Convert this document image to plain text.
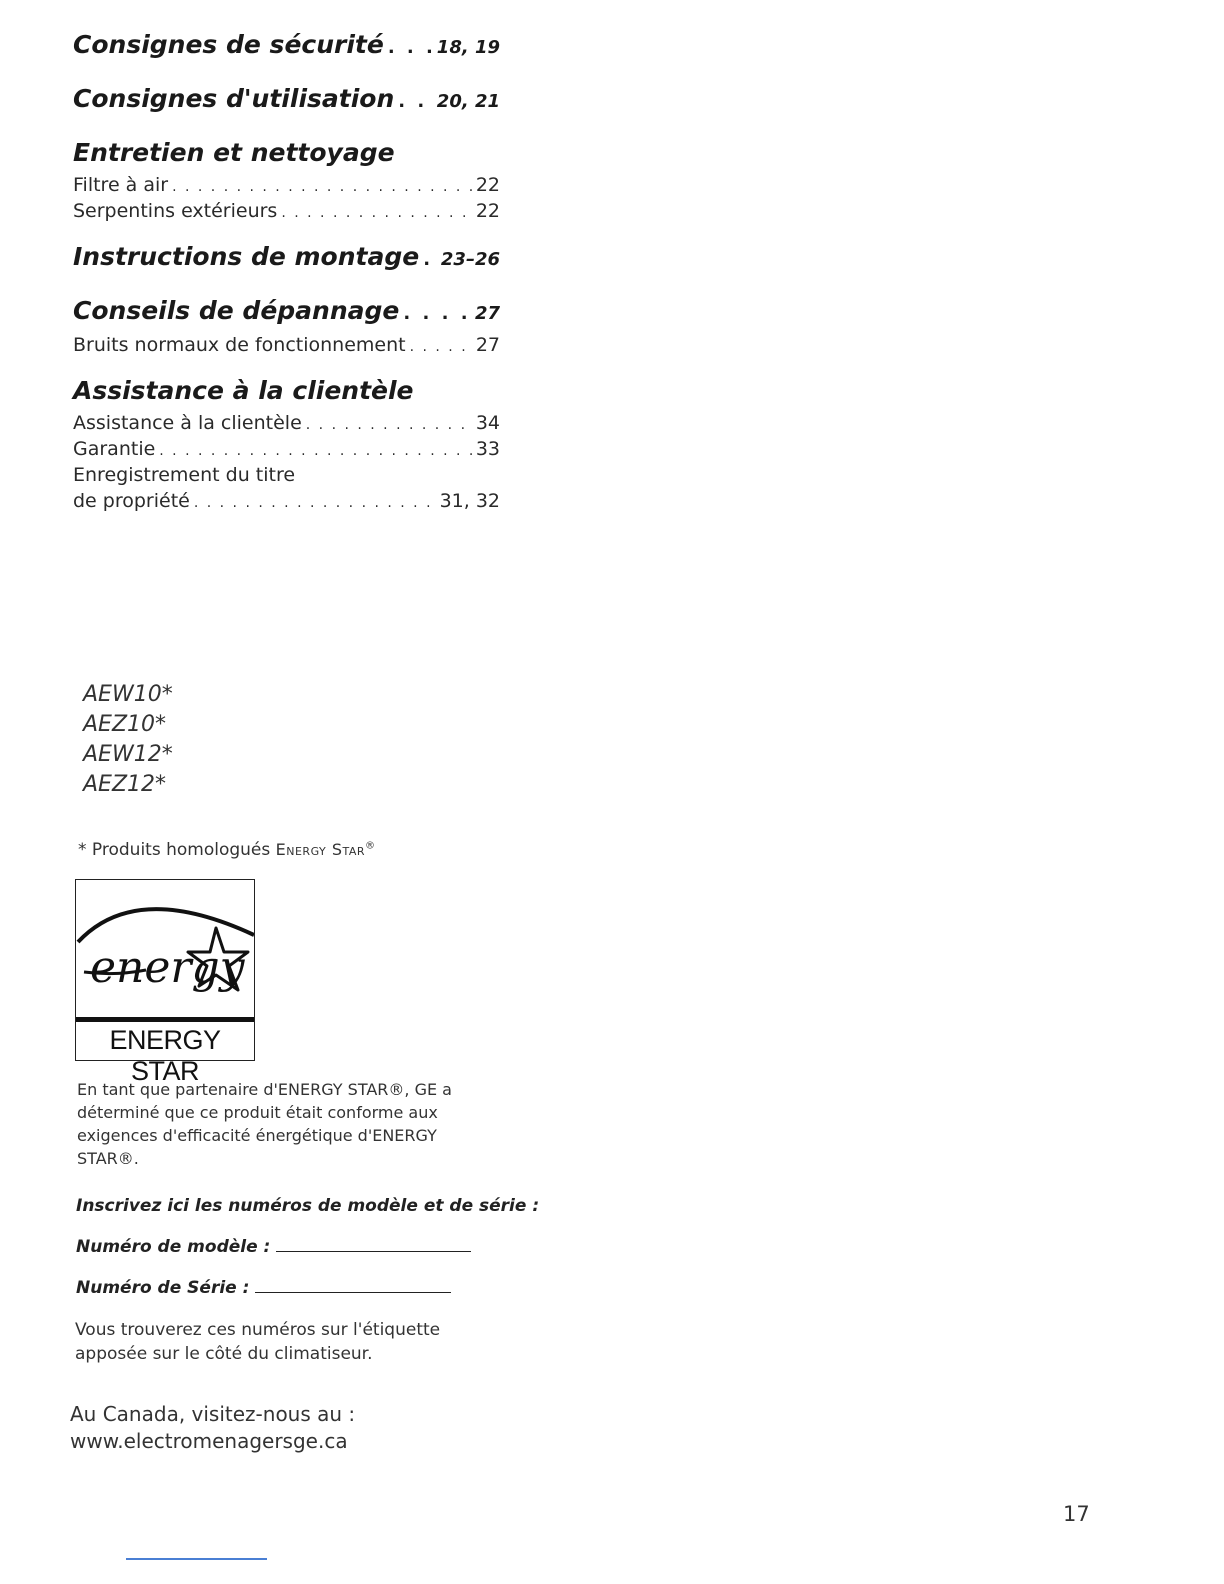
Consignes de sécurité . . .	18, 19
Consignes d'utilisation . . . 20, 21
Entretien et nettoyage
Filtre à air . . .	22
Serpentins extérieurs . . .	22
Instructions de montage . . . 23–26
Conseils de dépannage . . .	27
Bruits normaux de fonctionnement . . .	27
Assistance à la clientèle
Assistance à la clientèle . . .	34
Garantie . . .	33
Enregistrement du titre
de propriété . . .	31, 32
AEW10*
AEZ10*
AEW12*
AEZ12*
* Produits homologués Energy Star®
energy
ENERGY STAR
En tant que partenaire d'ENERGY STAR®, GE a déterminé que ce produit était conforme aux exigences d'efficacité énergétique d'ENERGY STAR®.
Inscrivez ici les numéros de modèle et de série :
Numéro de modèle :
Numéro de Série :
Vous trouverez ces numéros sur l'étiquette apposée sur le côté du climatiseur.
Au Canada, visitez-nous au :
www.electromenagersge.ca
17
